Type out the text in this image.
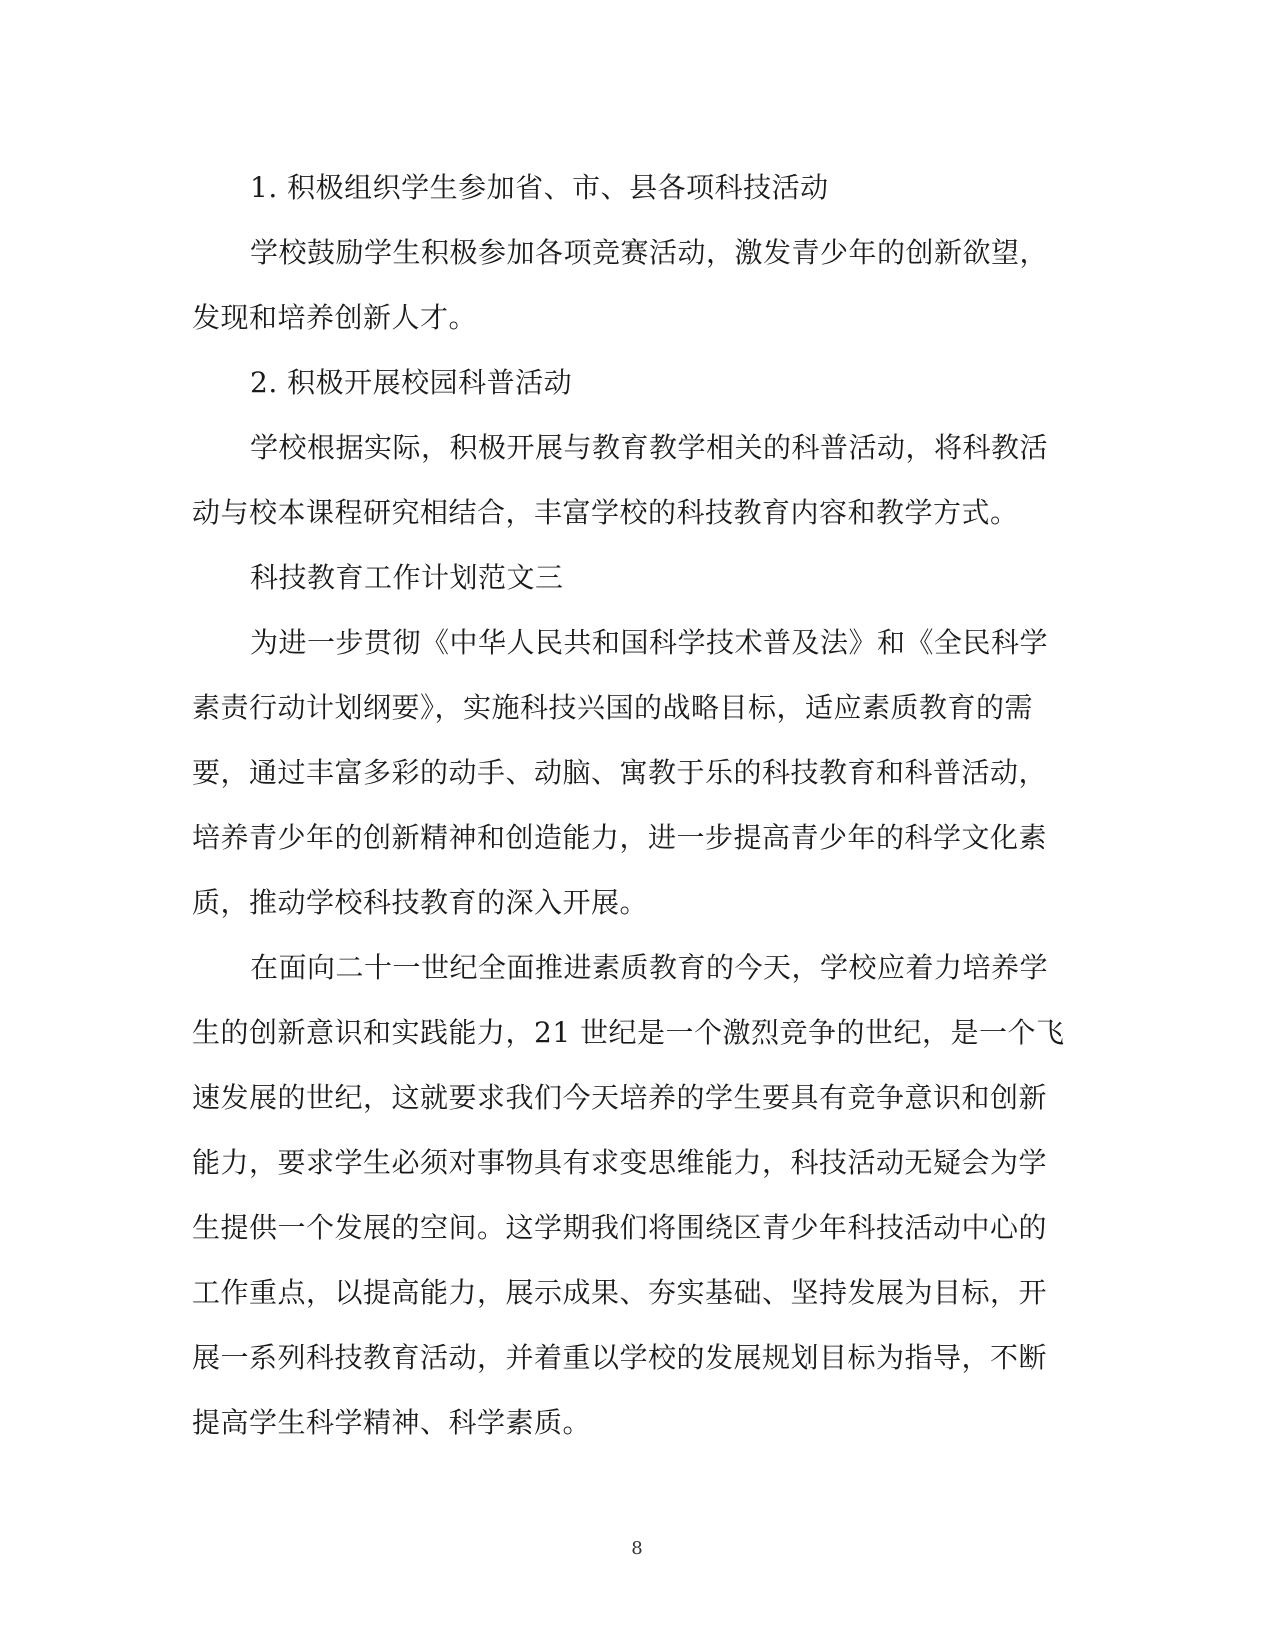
1. 积极组织学生参加省、市、县各项科技活动
学校鼓励学生积极参加各项竞赛活动，激发青少年的创新欲望，
发现和培养创新人才。
2. 积极开展校园科普活动
学校根据实际，积极开展与教育教学相关的科普活动，将科教活
动与校本课程研究相结合，丰富学校的科技教育内容和教学方式。
科技教育工作计划范文三
为进一步贯彻《中华人民共和国科学技术普及法》和《全民科学
素责行动计划纲要》，实施科技兴国的战略目标，适应素质教育的需
要，通过丰富多彩的动手、动脑、寓教于乐的科技教育和科普活动，
培养青少年的创新精神和创造能力，进一步提高青少年的科学文化素
质，推动学校科技教育的深入开展。
在面向二十一世纪全面推进素质教育的今天，学校应着力培养学
生的创新意识和实践能力，21 世纪是一个激烈竞争的世纪，是一个飞
速发展的世纪，这就要求我们今天培养的学生要具有竞争意识和创新
能力，要求学生必须对事物具有求变思维能力，科技活动无疑会为学
生提供一个发展的空间。这学期我们将围绕区青少年科技活动中心的
工作重点，以提高能力，展示成果、夯实基础、坚持发展为目标，开
展一系列科技教育活动，并着重以学校的发展规划目标为指导，不断
提高学生科学精神、科学素质。
8
